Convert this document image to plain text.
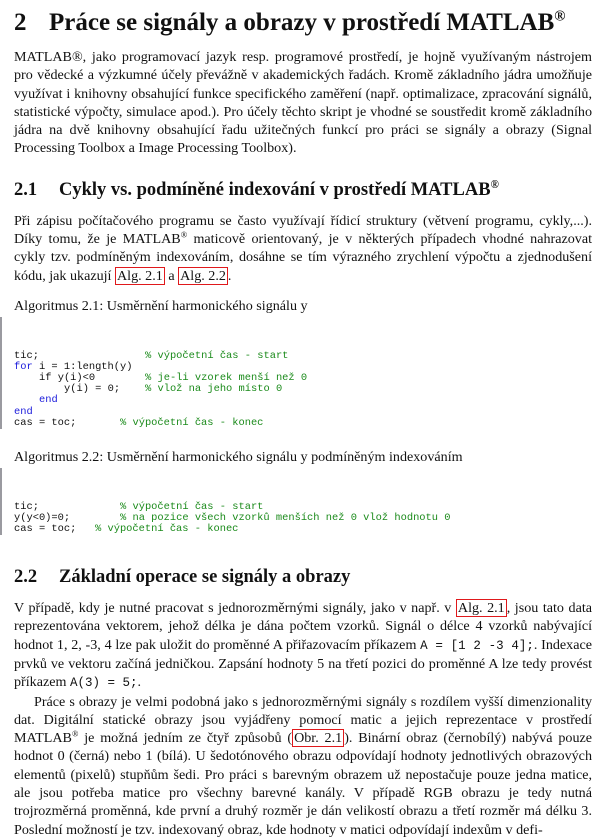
2 Práce se signály a obrazy v prostředí MATLAB®

MATLAB®, jako programovací jazyk resp. programové prostředí, je hojně využívaným nástrojem pro vědecké a výzkumné účely převážně v akademických řadách. Kromě základního jádra umožňuje využívat i knihovny obsahující funkce specifického zaměření (např. optimalizace, zpracování signálů, statistické výpočty, simulace apod.). Pro účely těchto skript je vhodné se soustředit kromě základního jádra na dvě knihovny obsahující řadu užitečných funkcí pro práci se signály a obrazy (Signal Processing Toolbox a Image Processing Toolbox).

2.1 Cykly vs. podmíněné indexování v prostředí MATLAB®

Při zápisu počítačového programu se často využívají řídicí struktury (větvení programu, cykly,...). Díky tomu, že je MATLAB® maticově orientovaný, je v některých případech vhodné nahrazovat cykly tzv. podmíněným indexováním, dosáhne se tím výrazného zrychlení výpočtu a zjednodušení kódu, jak ukazují Alg. 2.1 a Alg. 2.2 .

Algoritmus 2.1: Usměrnění harmonického signálu y

tic;	% výpočetní čas - start
for i = 1:length(y)
if y(i)<0	% je-li vzorek menší než 0
y(i) = 0; % vlož na jeho místo 0
end
end
cas = toc;	% výpočetní čas - konec
Algoritmus 2.2: Usměrnění harmonického signálu y podmíněným indexováním

tic;	% výpočetní čas - start
y(y<0)=0;	% na pozice všech vzorků menších než 0 vlož hodnotu 0
cas = toc; % výpočetní čas - konec
2.2 Základní operace se signály a obrazy

V případě, kdy je nutné pracovat s jednorozměrnými signály, jako v např. v Alg. 2.1 , jsou tato data reprezentována vektorem, jehož délka je dána počtem vzorků. Signál o délce 4 vzorků nabývající hodnot 1, 2, -3, 4 lze pak uložit do proměnné A přiřazovacím příkazem A = [1 2 -3 4];. Indexace prvků ve vektoru začíná jedničkou. Zapsání hodnoty 5 na třetí pozici do proměnné A lze tedy provést příkazem A(3) = 5;.

Práce s obrazy je velmi podobná jako s jednorozměrnými signály s rozdílem vyšší dimenzionality dat. Digitální statické obrazy jsou vyjádřeny pomocí matic a jejich reprezentace v prostředí MATLAB® je možná jedním ze čtyř způsobů ( Obr. 2.1 ). Binární obraz (černobílý) nabývá pouze hodnot 0 (černá) nebo 1 (bílá). U šedotónového obrazu odpovídají hodnoty jednotlivých obrazových elementů (pixelů) stupňům šedi. Pro práci s barevným obrazem už nepostačuje pouze jedna matice, ale jsou potřeba matice pro všechny barevné kanály. V případě RGB obrazu je tedy nutná trojrozměrná proměnná, kde první a druhý rozměr je dán velikostí obrazu a třetí rozměr má délku 3. Poslední možností je tzv. indexovaný obraz, kde hodnoty v matici odpovídají indexům v defi-
